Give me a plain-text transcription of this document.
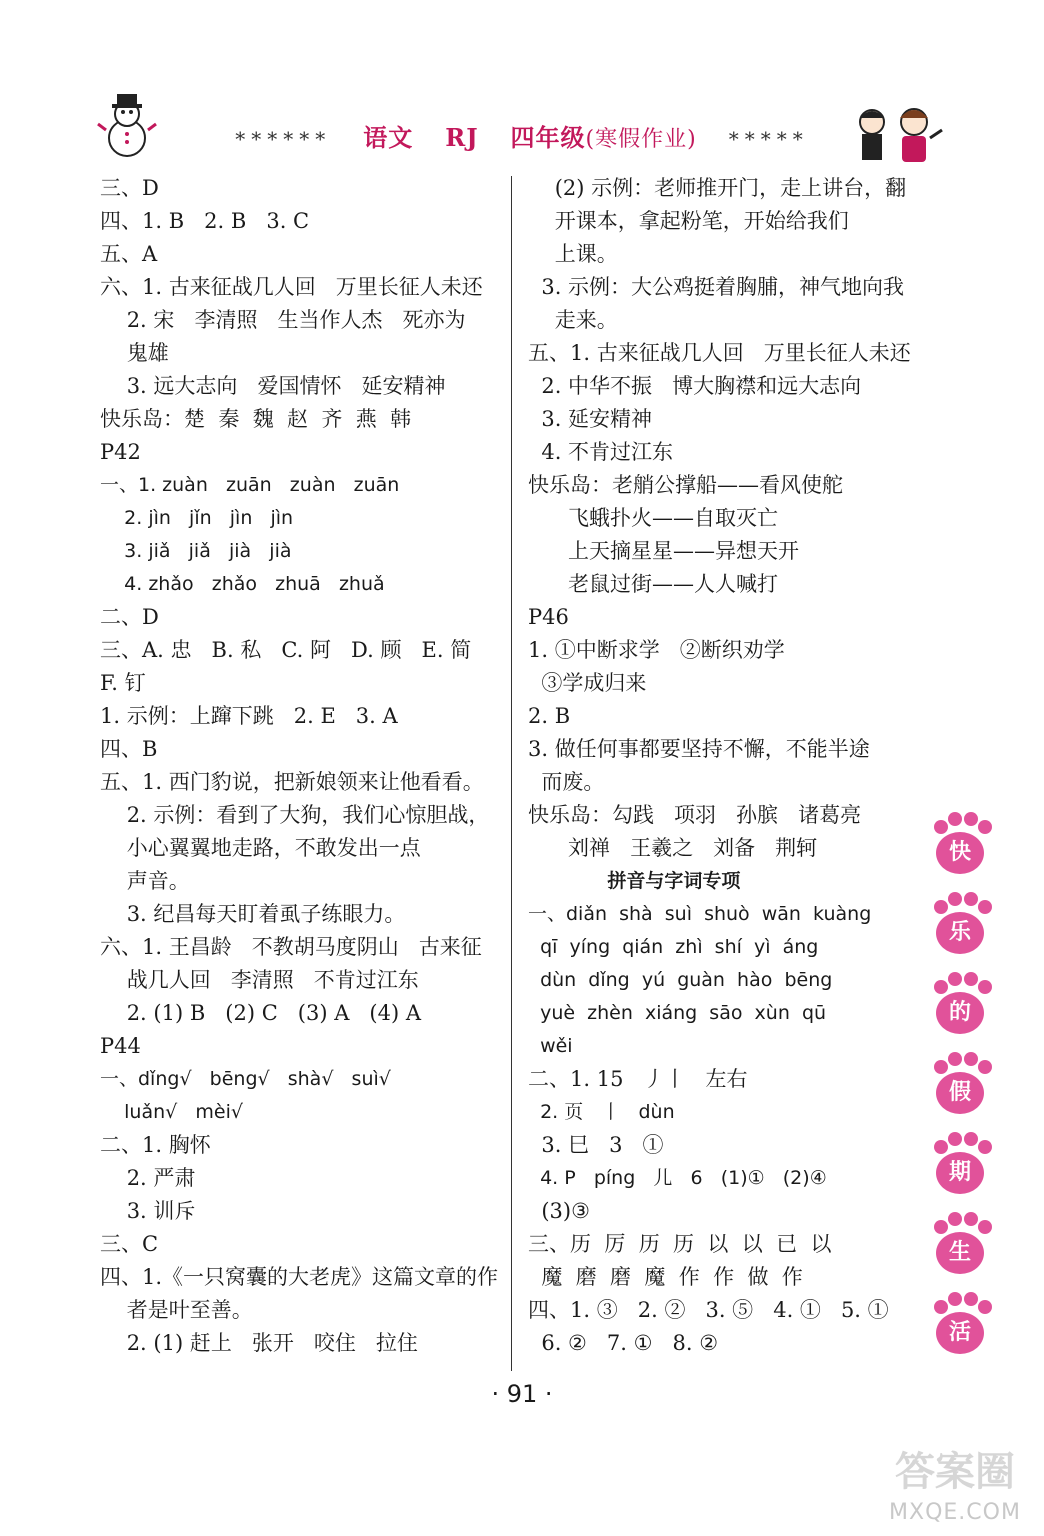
****** 语文 RJ 四年级(寒假作业) *****
三、D
四、1. B   2. B   3. C
五、A
六、1. 古来征战几人回   万里长征人未还
2. 宋   李清照   生当作人杰   死亦为
鬼雄
3. 远大志向   爱国情怀   延安精神
快乐岛：楚  秦  魏  赵  齐  燕  韩
P42
一、1. zuàn   zuān   zuàn   zuān
2. jìn   jǐn   jìn   jìn
3. jiǎ   jiǎ   jià   jià
4. zhǎo   zhǎo   zhuā   zhuǎ
二、D
三、A. 忠   B. 私   C. 阿   D. 顾   E. 简
F. 钉
1. 示例：上蹿下跳   2. E   3. A
四、B
五、1. 西门豹说，把新娘领来让他看看。
2. 示例：看到了大狗，我们心惊胆战，
小心翼翼地走路，不敢发出一点
声音。
3. 纪昌每天盯着虱子练眼力。
六、1. 王昌龄   不教胡马度阴山   古来征
战几人回   李清照   不肯过江东
2. (1) B   (2) C   (3) A   (4) A
P44
一、dǐng√   bēng√   shà√   suì√
luǎn√   mèi√
二、1. 胸怀
2. 严肃
3. 训斥
三、C
四、1.《一只窝囊的大老虎》这篇文章的作
者是叶至善。
2. (1) 赶上   张开   咬住   拉住
(2) 示例：老师推开门，走上讲台，翻
开课本，拿起粉笔，开始给我们
上课。
3. 示例：大公鸡挺着胸脯，神气地向我
走来。
五、1. 古来征战几人回   万里长征人未还
2. 中华不振   博大胸襟和远大志向
3. 延安精神
4. 不肯过江东
快乐岛：老艄公撑船——看风使舵
飞蛾扑火——自取灭亡
上天摘星星——异想天开
老鼠过街——人人喊打
P46
1. ①中断求学   ②断织劝学
③学成归来
2. B
3. 做任何事都要坚持不懈，不能半途
而废。
快乐岛：勾践   项羽   孙膑   诸葛亮
刘禅   王羲之   刘备   荆轲
拼音与字词专项
一、diǎn  shà  suì  shuò  wān  kuàng
qī  yíng  qián  zhì  shí  yì  áng
dùn  dǐng  yú  guàn  hào  bēng
yuè  zhèn  xiáng  sāo  xùn  qū
wěi
二、1. 15   丿丨   左右
2. 页   丨   dùn
3. 巳   3   ①
4. P   píng   儿   6   (1)①   (2)④
(3)③
三、历  厉  历  历  以  以  已  以
魔  磨  磨  魔  作  作  做  作
四、1. ③   2. ②   3. ⑤   4. ①   5. ①
6. ②   7. ①   8. ②
快
乐
的
假
期
生
活
· 91 ·
答案圈
MXQE.COM
